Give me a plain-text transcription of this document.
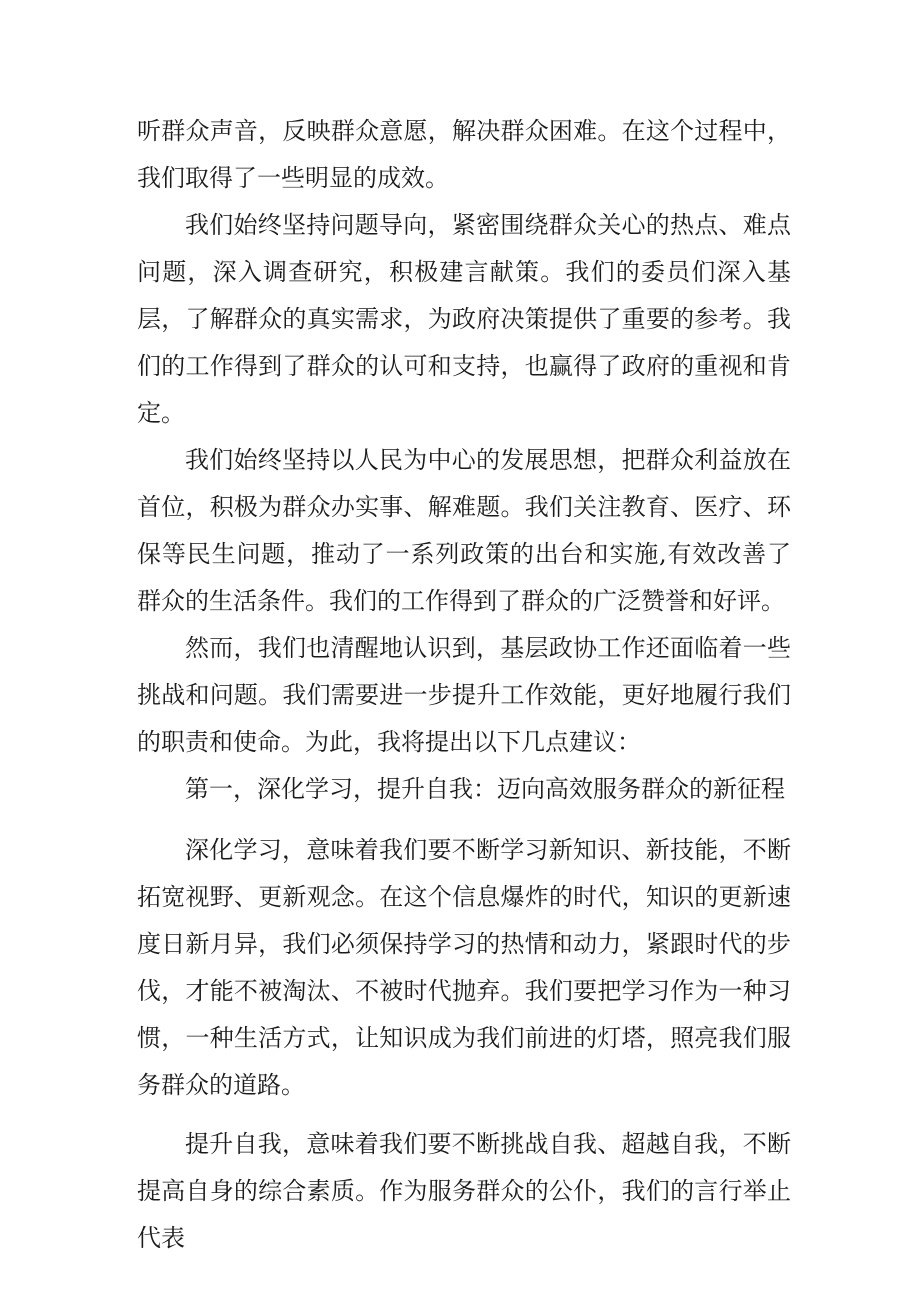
听群众声音，反映群众意愿，解决群众困难。在这个过程中，我们取得了一些明显的成效。

我们始终坚持问题导向，紧密围绕群众关心的热点、难点问题，深入调查研究，积极建言献策。我们的委员们深入基层，了解群众的真实需求，为政府决策提供了重要的参考。我们的工作得到了群众的认可和支持，也赢得了政府的重视和肯定。

我们始终坚持以人民为中心的发展思想，把群众利益放在首位，积极为群众办实事、解难题。我们关注教育、医疗、环保等民生问题，推动了一系列政策的出台和实施,有效改善了群众的生活条件。我们的工作得到了群众的广泛赞誉和好评。

然而，我们也清醒地认识到，基层政协工作还面临着一些挑战和问题。我们需要进一步提升工作效能，更好地履行我们的职责和使命。为此，我将提出以下几点建议：

第一，深化学习，提升自我：迈向高效服务群众的新征程

深化学习，意味着我们要不断学习新知识、新技能，不断拓宽视野、更新观念。在这个信息爆炸的时代，知识的更新速度日新月异，我们必须保持学习的热情和动力，紧跟时代的步伐，才能不被淘汰、不被时代抛弃。我们要把学习作为一种习惯，一种生活方式，让知识成为我们前进的灯塔，照亮我们服务群众的道路。

提升自我，意味着我们要不断挑战自我、超越自我，不断提高自身的综合素质。作为服务群众的公仆，我们的言行举止代表
